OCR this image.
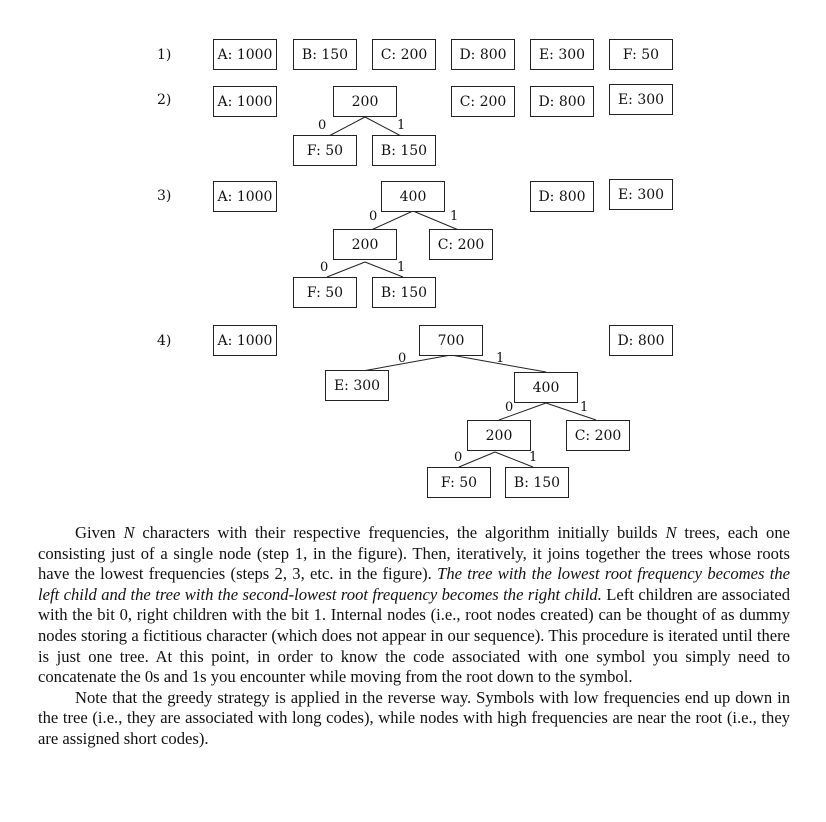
1)	A: 1000	B: 150	C: 200	D: 800	E: 300	F: 50
2)	A: 1000	200	C: 200	D: 800	E: 300
F: 50	B: 150
0	1
3)	A: 1000	400	D: 800	E: 300
200	C: 200
F: 50	B: 150
0	1
0	1
4)	A: 1000	700	D: 800
E: 300	400
200	C: 200
F: 50	B: 150
0	1
0	1
0	1

Given N characters with their respective frequencies, the algorithm initially builds N trees, each one consisting just of a single node (step 1, in the figure). Then, iteratively, it joins together the trees whose roots have the lowest frequencies (steps 2, 3, etc. in the figure). The tree with the lowest root frequency becomes the left child and the tree with the second-lowest root frequency becomes the right child. Left children are associated with the bit 0, right children with the bit 1. Internal nodes (i.e., root nodes created) can be thought of as dummy nodes storing a fictitious character (which does not appear in our sequence). This procedure is iterated until there is just one tree. At this point, in order to know the code associated with one symbol you simply need to concatenate the 0s and 1s you encounter while moving from the root down to the symbol.

Note that the greedy strategy is applied in the reverse way. Symbols with low frequencies end up down in the tree (i.e., they are associated with long codes), while nodes with high frequencies are near the root (i.e., they are assigned short codes).
